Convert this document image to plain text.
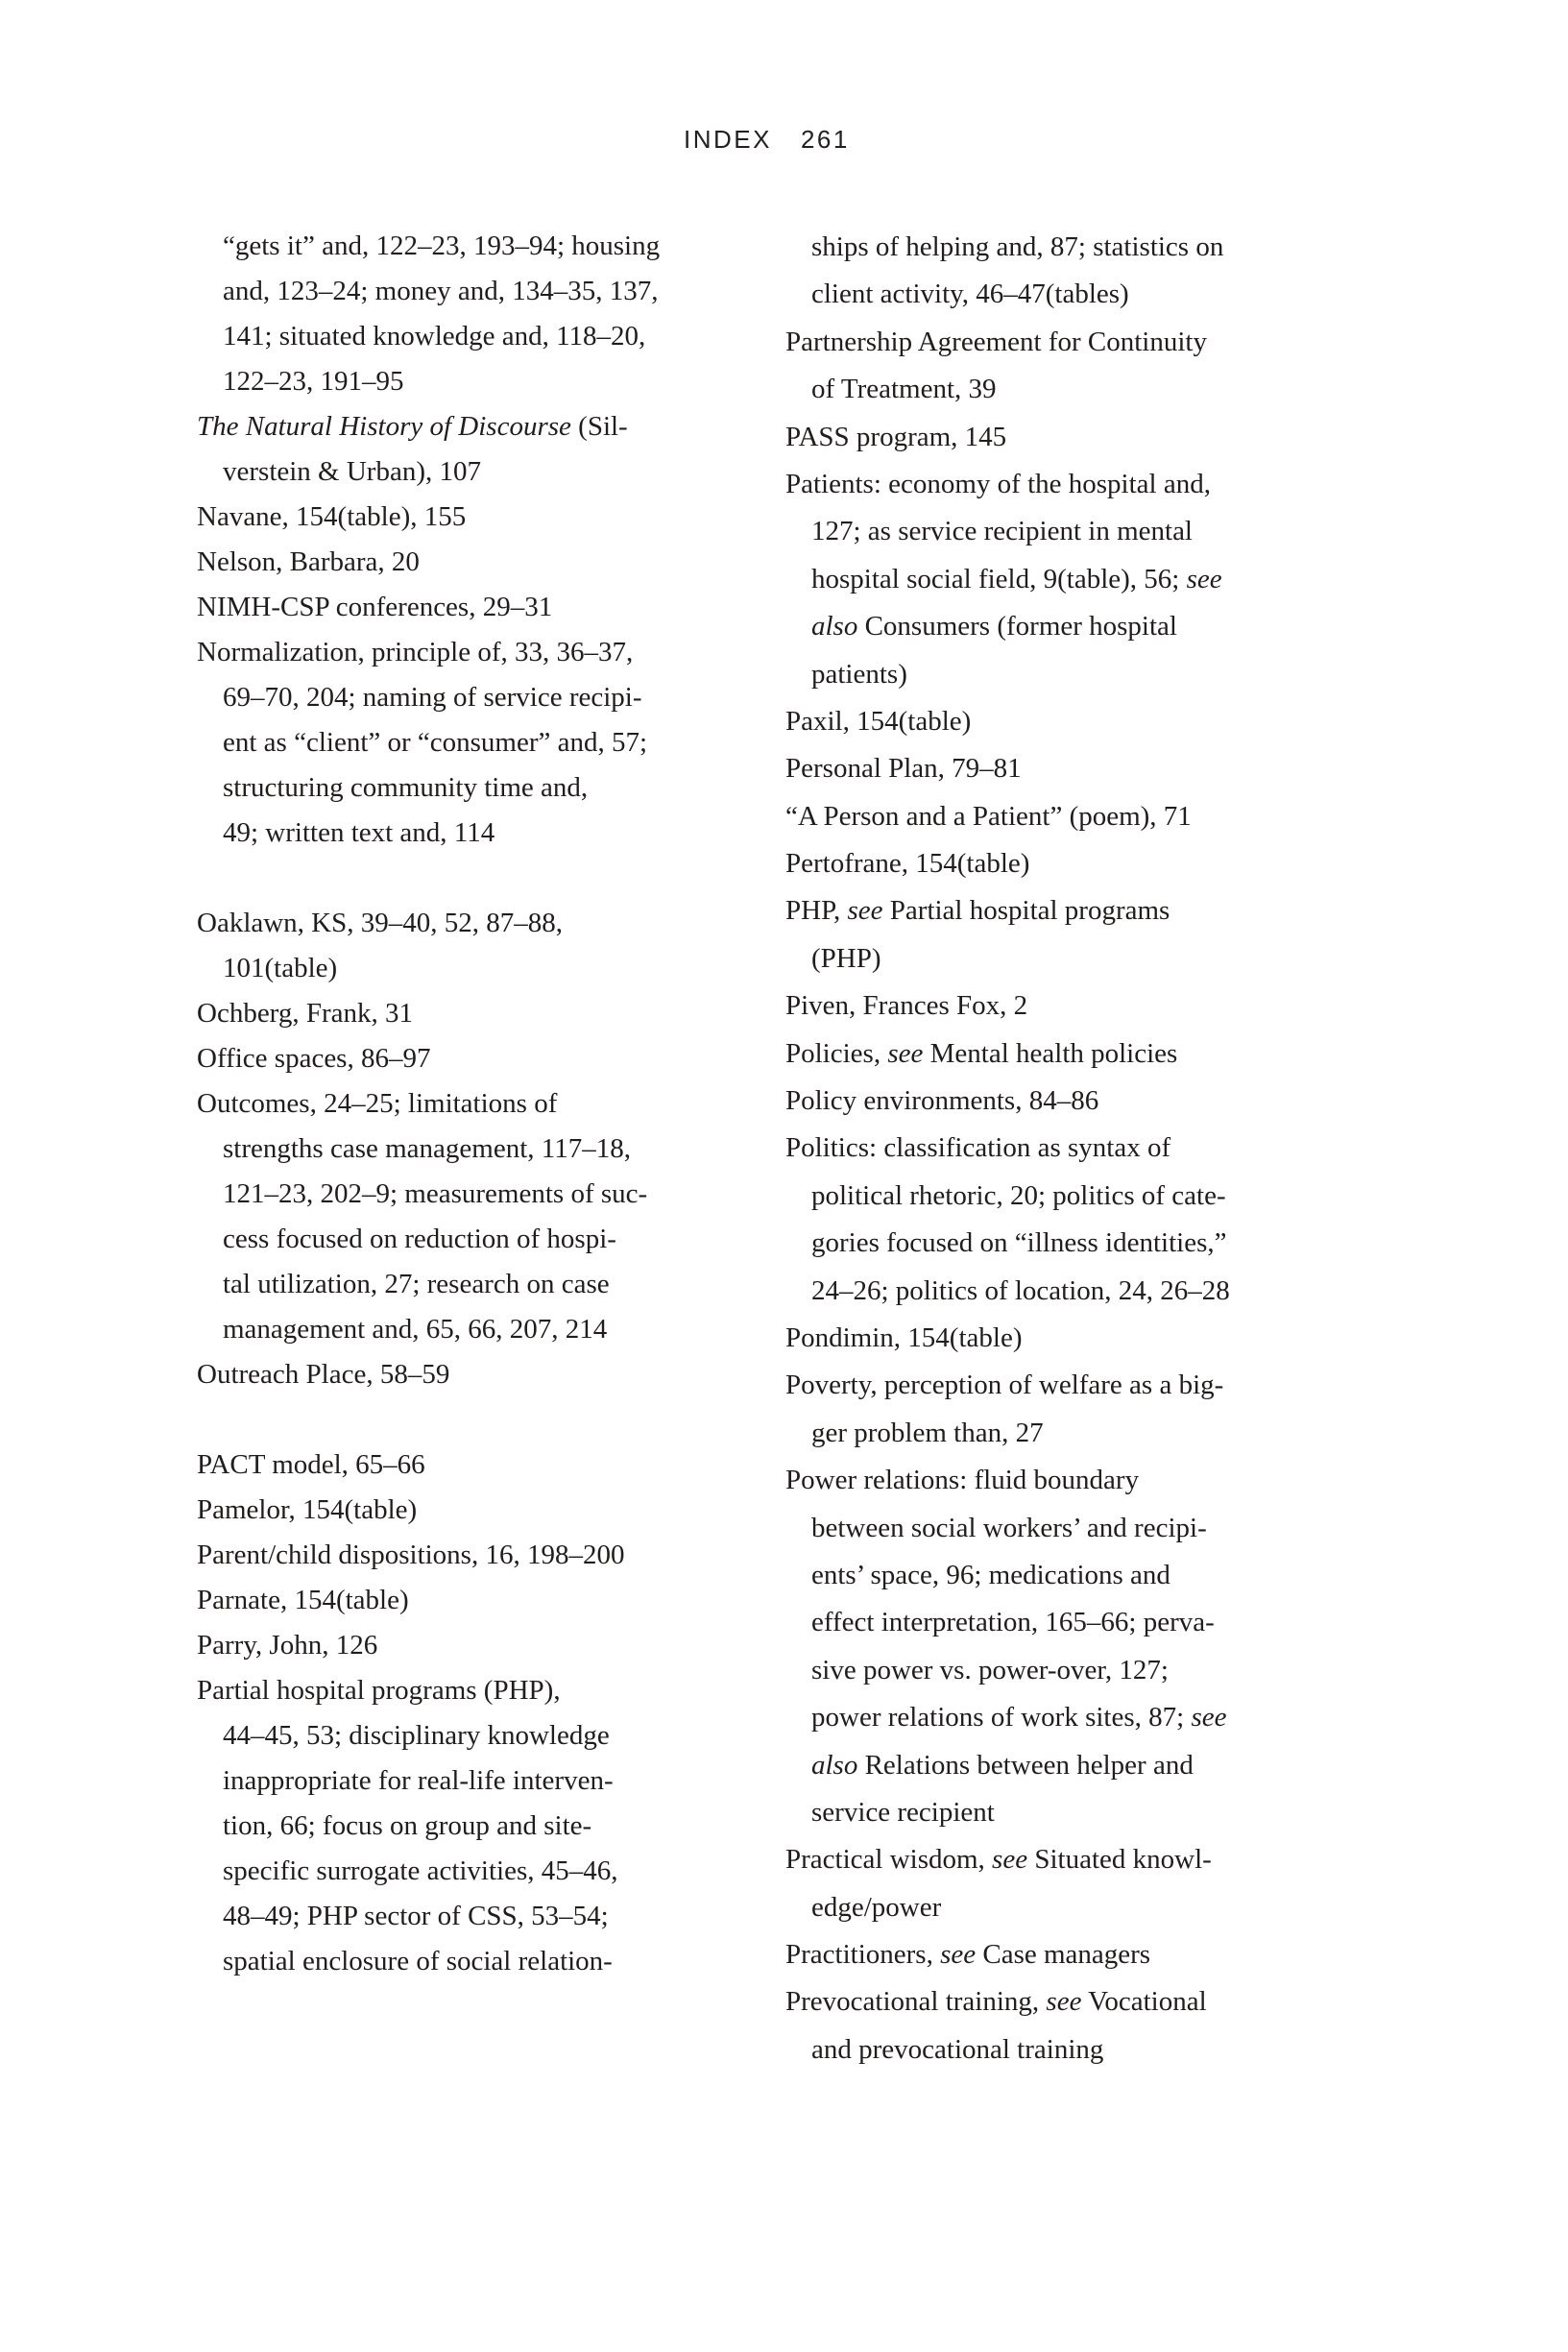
INDEX 261
“gets it” and, 122–23, 193–94; housing
and, 123–24; money and, 134–35, 137,
141; situated knowledge and, 118–20,
122–23, 191–95
The Natural History of Discourse (Sil-
verstein & Urban), 107
Navane, 154(table), 155
Nelson, Barbara, 20
NIMH-CSP conferences, 29–31
Normalization, principle of, 33, 36–37,
69–70, 204; naming of service recipi-
ent as “client” or “consumer” and, 57;
structuring community time and,
49; written text and, 114
Oaklawn, KS, 39–40, 52, 87–88,
101(table)
Ochberg, Frank, 31
Office spaces, 86–97
Outcomes, 24–25; limitations of
strengths case management, 117–18,
121–23, 202–9; measurements of suc-
cess focused on reduction of hospi-
tal utilization, 27; research on case
management and, 65, 66, 207, 214
Outreach Place, 58–59
PACT model, 65–66
Pamelor, 154(table)
Parent/child dispositions, 16, 198–200
Parnate, 154(table)
Parry, John, 126
Partial hospital programs (PHP),
44–45, 53; disciplinary knowledge
inappropriate for real-life interven-
tion, 66; focus on group and site-
specific surrogate activities, 45–46,
48–49; PHP sector of CSS, 53–54;
spatial enclosure of social relation-
ships of helping and, 87; statistics on
client activity, 46–47(tables)
Partnership Agreement for Continuity
of Treatment, 39
PASS program, 145
Patients: economy of the hospital and,
127; as service recipient in mental
hospital social field, 9(table), 56; see
also Consumers (former hospital
patients)
Paxil, 154(table)
Personal Plan, 79–81
“A Person and a Patient” (poem), 71
Pertofrane, 154(table)
PHP, see Partial hospital programs
(PHP)
Piven, Frances Fox, 2
Policies, see Mental health policies
Policy environments, 84–86
Politics: classification as syntax of
political rhetoric, 20; politics of cate-
gories focused on “illness identities,”
24–26; politics of location, 24, 26–28
Pondimin, 154(table)
Poverty, perception of welfare as a big-
ger problem than, 27
Power relations: fluid boundary
between social workers’ and recipi-
ents’ space, 96; medications and
effect interpretation, 165–66; perva-
sive power vs. power-over, 127;
power relations of work sites, 87; see
also Relations between helper and
service recipient
Practical wisdom, see Situated knowl-
edge/power
Practitioners, see Case managers
Prevocational training, see Vocational
and prevocational training
